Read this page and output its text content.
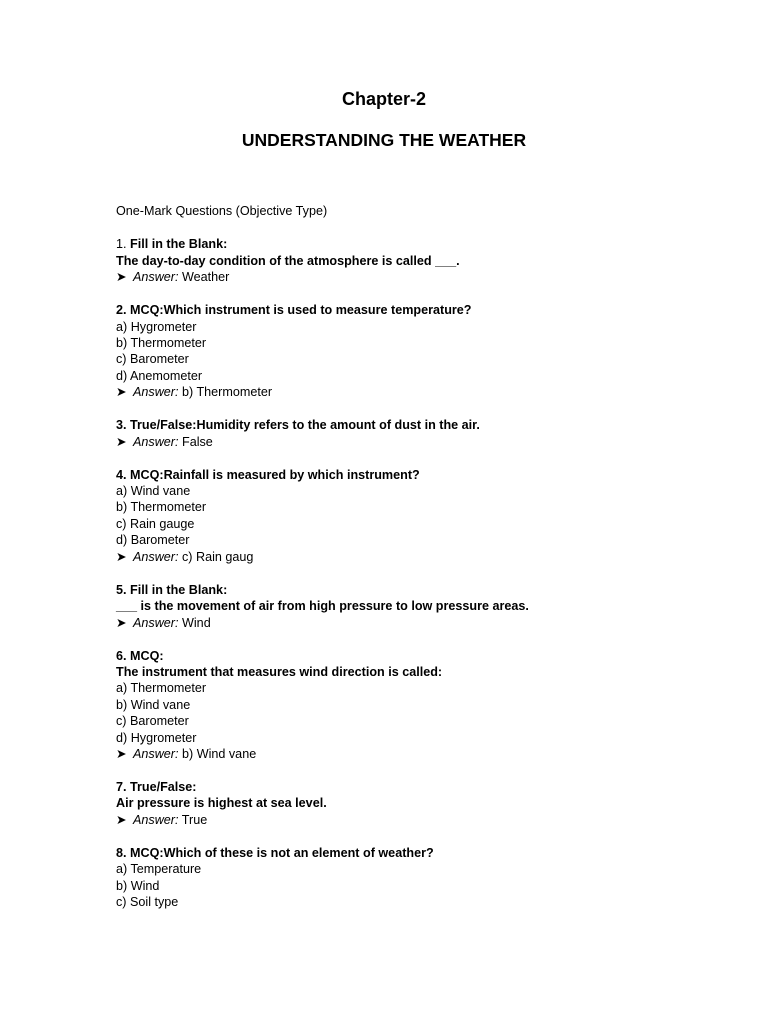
Chapter-2
UNDERSTANDING THE WEATHER
One-Mark Questions (Objective Type)
1. Fill in the Blank:
The day-to-day condition of the atmosphere is called ___.
➤ Answer: Weather
2. MCQ:Which instrument is used to measure temperature?
a) Hygrometer
b) Thermometer
c) Barometer
d) Anemometer
➤ Answer: b) Thermometer
3. True/False:Humidity refers to the amount of dust in the air.
➤ Answer: False
4. MCQ:Rainfall is measured by which instrument?
a) Wind vane
b) Thermometer
c) Rain gauge
d) Barometer
➤ Answer: c) Rain gaug
5. Fill in the Blank:
___ is the movement of air from high pressure to low pressure areas.
➤ Answer: Wind
6. MCQ:
The instrument that measures wind direction is called:
a) Thermometer
b) Wind vane
c) Barometer
d) Hygrometer
➤ Answer: b) Wind vane
7. True/False:
Air pressure is highest at sea level.
➤ Answer: True
8. MCQ:Which of these is not an element of weather?
a) Temperature
b) Wind
c) Soil type
